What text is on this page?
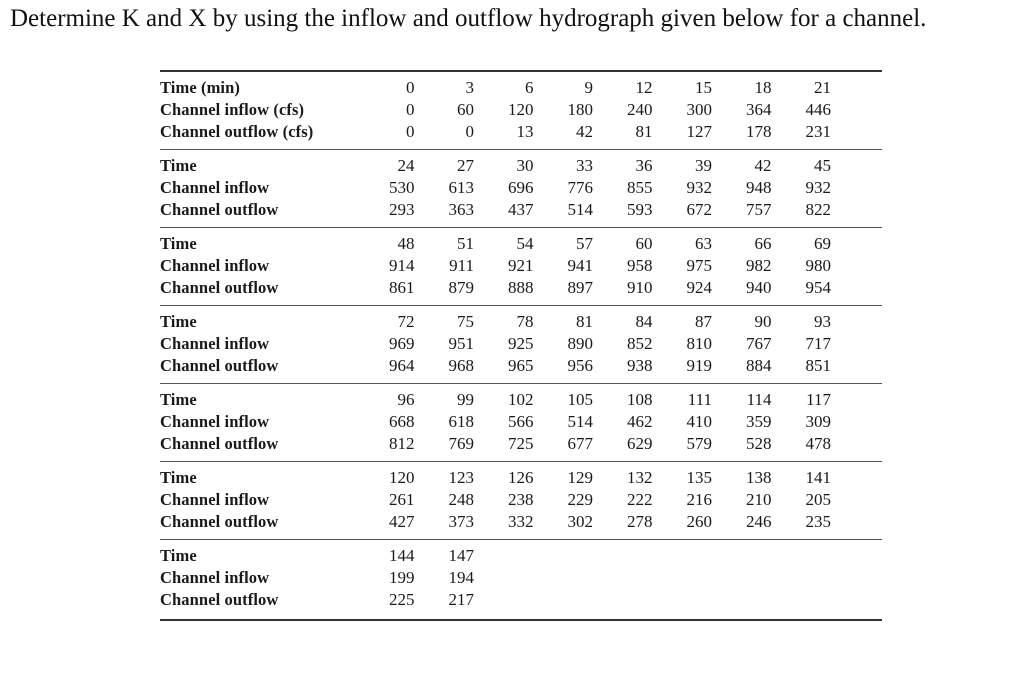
Determine K and X by using the inflow and outflow hydrograph given below for a channel.
Time (min)	0	3	6	9	12	15	18	21
Channel inflow (cfs)	0	60	120	180	240	300	364	446
Channel outflow (cfs)	0	0	13	42	81	127	178	231
Time	24	27	30	33	36	39	42	45
Channel inflow	530	613	696	776	855	932	948	932
Channel outflow	293	363	437	514	593	672	757	822
Time	48	51	54	57	60	63	66	69
Channel inflow	914	911	921	941	958	975	982	980
Channel outflow	861	879	888	897	910	924	940	954
Time	72	75	78	81	84	87	90	93
Channel inflow	969	951	925	890	852	810	767	717
Channel outflow	964	968	965	956	938	919	884	851
Time	96	99	102	105	108	111	114	117
Channel inflow	668	618	566	514	462	410	359	309
Channel outflow	812	769	725	677	629	579	528	478
Time	120	123	126	129	132	135	138	141
Channel inflow	261	248	238	229	222	216	210	205
Channel outflow	427	373	332	302	278	260	246	235
Time	144	147
Channel inflow	199	194
Channel outflow	225	217
